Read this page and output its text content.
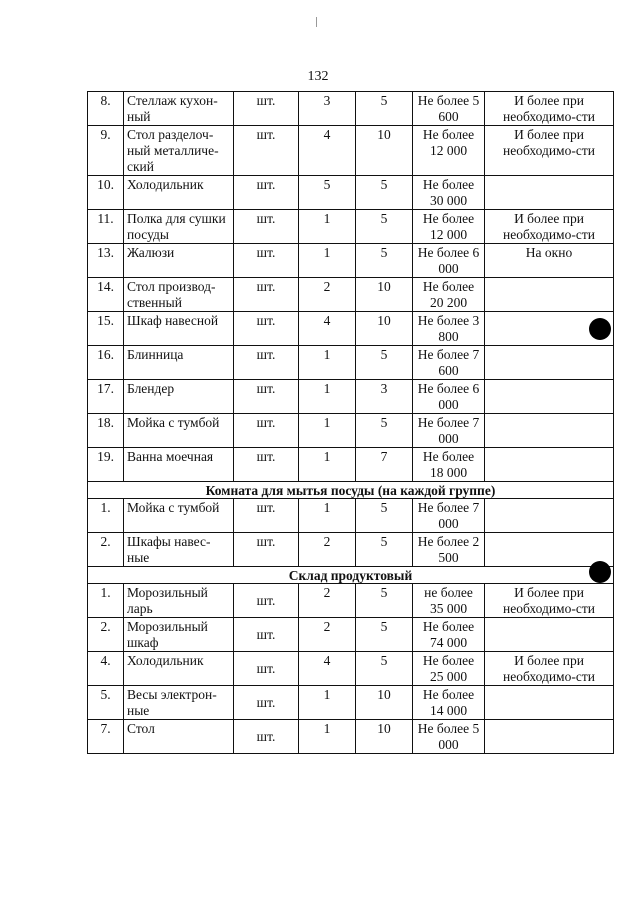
132
8.	Стеллаж кухон-ный	шт.	3	5	Не более 5 600	И более при необходимо-сти
9.	Стол разделоч-ный металличе-ский	шт.	4	10	Не более 12 000	И более при необходимо-сти
10.	Холодильник	шт.	5	5	Не более 30 000	
11.	Полка для сушки посуды	шт.	1	5	Не более 12 000	И более при необходимо-сти
13.	Жалюзи	шт.	1	5	Не более 6 000	На окно
14.	Стол производ-ственный	шт.	2	10	Не более 20 200	
15.	Шкаф навесной	шт.	4	10	Не более 3 800	
16.	Блинница	шт.	1	5	Не более 7 600	
17.	Блендер	шт.	1	3	Не более 6 000	
18.	Мойка с тумбой	шт.	1	5	Не более 7 000	
19.	Ванна моечная	шт.	1	7	Не более 18 000	
Комната для мытья посуды (на каждой группе)						
1.	Мойка с тумбой	шт.	1	5	Не более 7 000	
2.	Шкафы навес-ные	шт.	2	5	Не более 2 500	
Склад продуктовый						
1.	Морозильный ларь	шт.	2	5	не более 35 000	И более при необходимо-сти
2.	Морозильный шкаф	шт.	2	5	Не более 74 000	
4.	Холодильник	шт.	4	5	Не более 25 000	И более при необходимо-сти
5.	Весы электрон-ные	шт.	1	10	Не более 14 000	
7.	Стол	шт.	1	10	Не более 5 000	
